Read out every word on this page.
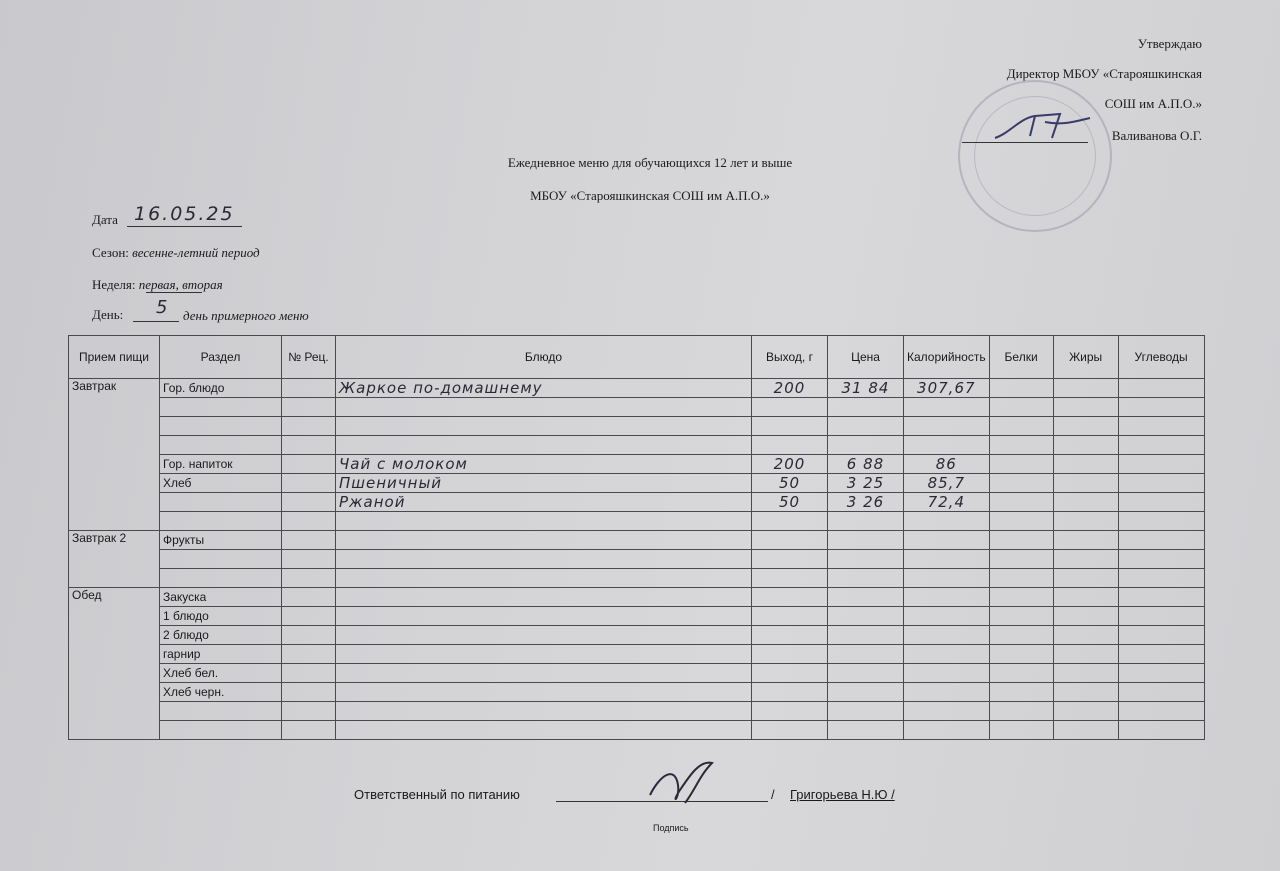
Утверждаю
Директор МБОУ «Старояшкинская
СОШ им А.П.О.»
Валиванова О.Г.
Ежедневное меню для обучающихся 12 лет и выше
МБОУ «Старояшкинская СОШ им А.П.О.»
Дата 16.05.25
Сезон: весенне-летний период
Неделя: первая, вторая
День: 5 день примерного меню
Прием пищи	Раздел	№ Рец.	Блюдо	Выход, г	Цена	Калорийность	Белки	Жиры	Углеводы
Завтрак	Гор. блюдо		Жаркое по-домашнему	200	31 84	307,67			

	Гор. напиток		Чай с молоком	200	6 88	86			
	Хлеб		Пшеничный	50	3 25	85,7			
			Ржаной	50	3 26	72,4			

Завтрак 2	Фрукты								

Обед	Закуска								
	1 блюдо								
	2 блюдо								
	гарнир								
	Хлеб бел.								
	Хлеб черн.								

Ответственный по питанию	/ Григорьева Н.Ю /
Подпись
